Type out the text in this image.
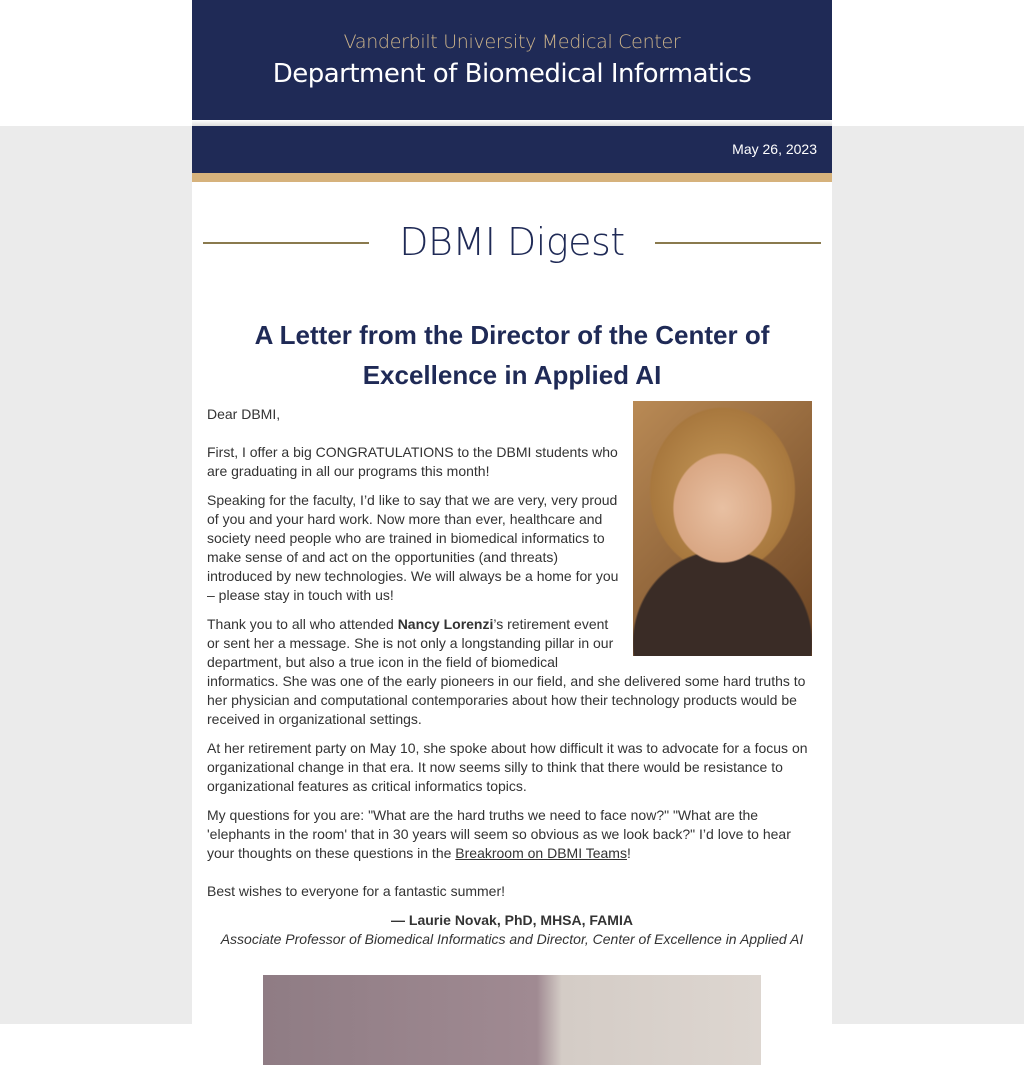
Vanderbilt University Medical Center
Department of Biomedical Informatics
May 26, 2023
DBMI Digest
A Letter from the Director of the Center of Excellence in Applied AI

Dear DBMI,

First, I offer a big CONGRATULATIONS to the DBMI students who are graduating in all our programs this month!

Speaking for the faculty, I’d like to say that we are very, very proud of you and your hard work. Now more than ever, healthcare and society need people who are trained in biomedical informatics to make sense of and act on the opportunities (and threats) introduced by new technologies. We will always be a home for you – please stay in touch with us!

Thank you to all who attended Nancy Lorenzi’s retirement event or sent her a message. She is not only a longstanding pillar in our department, but also a true icon in the field of biomedical informatics. She was one of the early pioneers in our field, and she delivered some hard truths to her physician and computational contemporaries about how their technology products would be received in organizational settings.

At her retirement party on May 10, she spoke about how difficult it was to advocate for a focus on organizational change in that era. It now seems silly to think that there would be resistance to organizational features as critical informatics topics.

My questions for you are: "What are the hard truths we need to face now?" "What are the 'elephants in the room' that in 30 years will seem so obvious as we look back?" I’d love to hear your thoughts on these questions in the Breakroom on DBMI Teams!

Best wishes to everyone for a fantastic summer!

— Laurie Novak, PhD, MHSA, FAMIA
Associate Professor of Biomedical Informatics and Director, Center of Excellence in Applied AI
